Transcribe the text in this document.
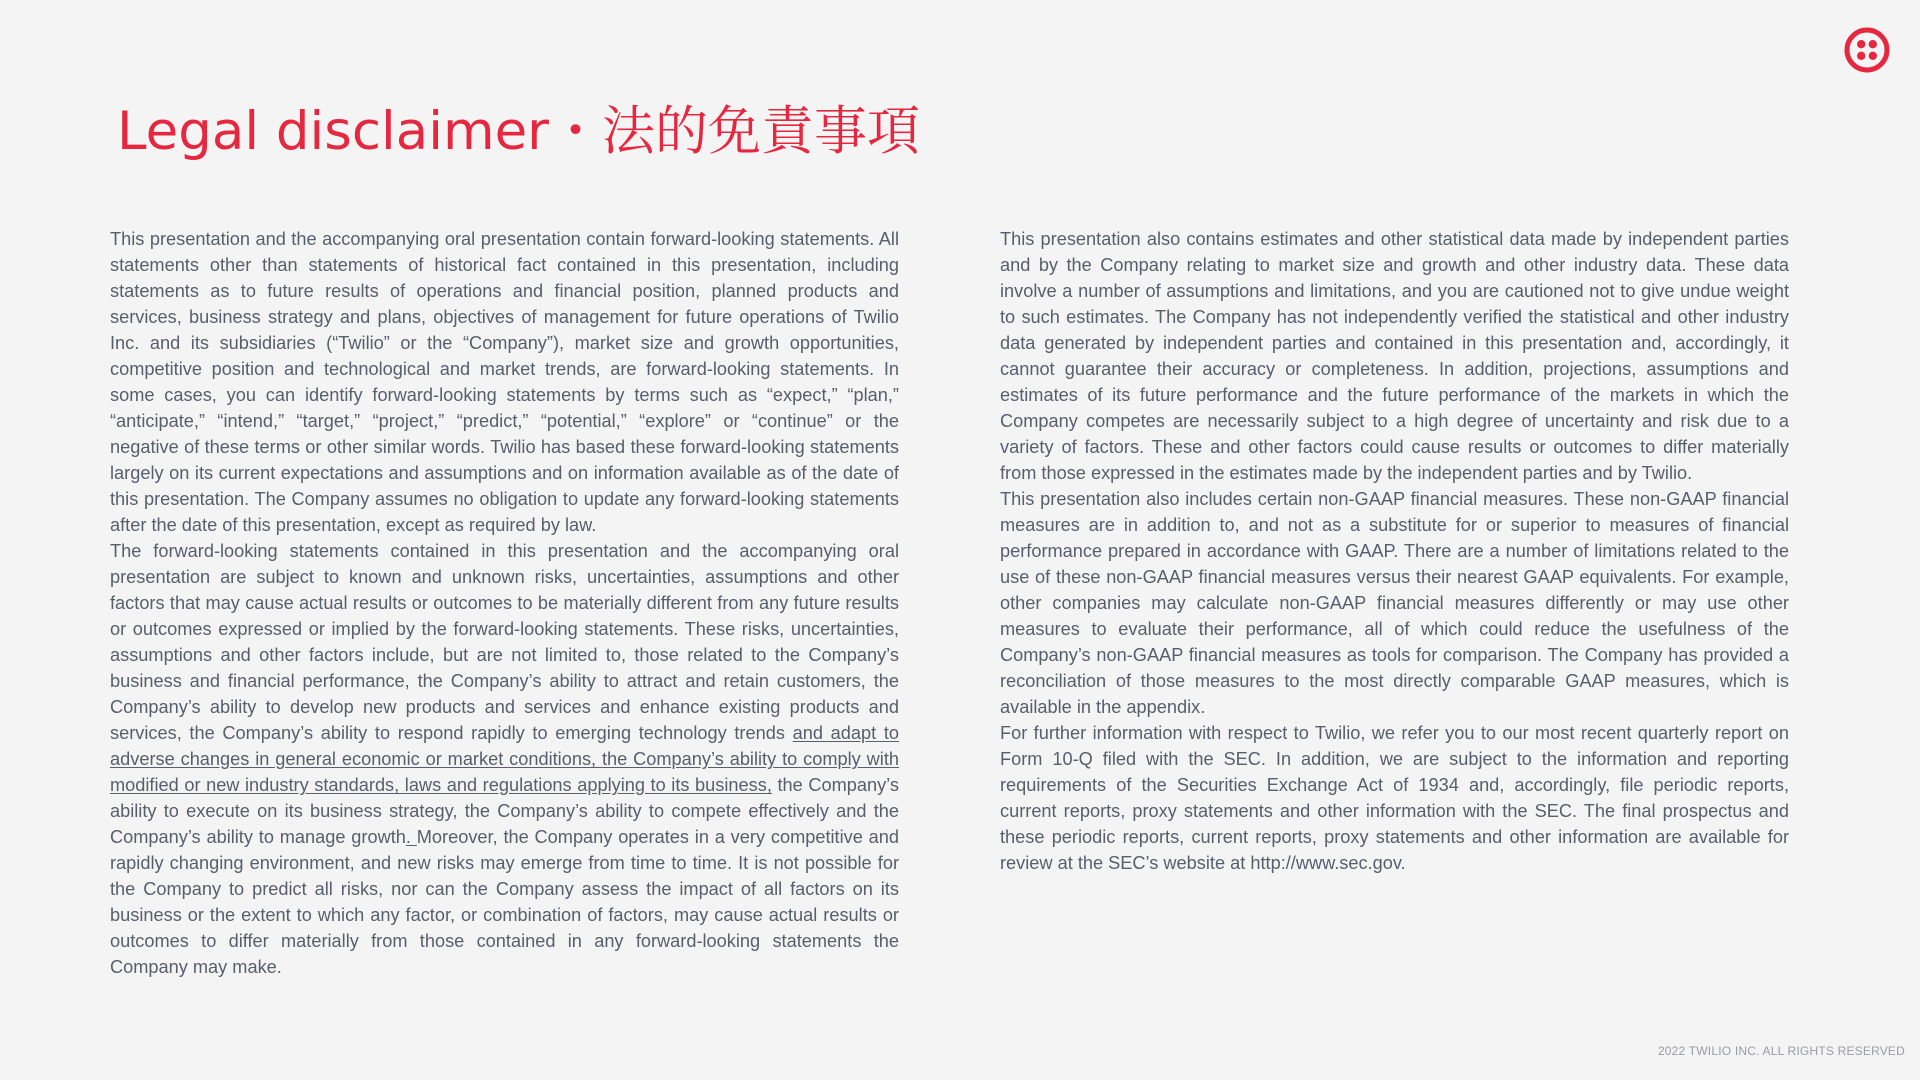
Legal disclaimer・法的免責事項

This presentation and the accompanying oral presentation contain forward-looking statements. All statements other than statements of historical fact contained in this presentation, including statements as to future results of operations and financial position, planned products and services, business strategy and plans, objectives of management for future operations of Twilio Inc. and its subsidiaries (“Twilio” or the “Company”), market size and growth opportunities, competitive position and technological and market trends, are forward-looking statements. In some cases, you can identify forward-looking statements by terms such as “expect,” “plan,” “anticipate,” “intend,” “target,” “project,” “predict,” “potential,” “explore” or “continue” or the negative of these terms or other similar words. Twilio has based these forward-looking statements largely on its current expectations and assumptions and on information available as of the date of this presentation. The Company assumes no obligation to update any forward-looking statements after the date of this presentation, except as required by law.

The forward-looking statements contained in this presentation and the accompanying oral presentation are subject to known and unknown risks, uncertainties, assumptions and other factors that may cause actual results or outcomes to be materially different from any future results or outcomes expressed or implied by the forward-looking statements. These risks, uncertainties, assumptions and other factors include, but are not limited to, those related to the Company’s business and financial performance, the Company’s ability to attract and retain customers, the Company’s ability to develop new products and services and enhance existing products and services, the Company’s ability to respond rapidly to emerging technology trends and adapt to adverse changes in general economic or market conditions, the Company’s ability to comply with modified or new industry standards, laws and regulations applying to its business, the Company’s ability to execute on its business strategy, the Company’s ability to compete effectively and the Company’s ability to manage growth. Moreover, the Company operates in a very competitive and rapidly changing environment, and new risks may emerge from time to time. It is not possible for the Company to predict all risks, nor can the Company assess the impact of all factors on its business or the extent to which any factor, or combination of factors, may cause actual results or outcomes to differ materially from those contained in any forward-looking statements the Company may make.

This presentation also contains estimates and other statistical data made by independent parties and by the Company relating to market size and growth and other industry data. These data involve a number of assumptions and limitations, and you are cautioned not to give undue weight to such estimates. The Company has not independently verified the statistical and other industry data generated by independent parties and contained in this presentation and, accordingly, it cannot guarantee their accuracy or completeness. In addition, projections, assumptions and estimates of its future performance and the future performance of the markets in which the Company competes are necessarily subject to a high degree of uncertainty and risk due to a variety of factors. These and other factors could cause results or outcomes to differ materially from those expressed in the estimates made by the independent parties and by Twilio.

This presentation also includes certain non-GAAP financial measures. These non-GAAP financial measures are in addition to, and not as a substitute for or superior to measures of financial performance prepared in accordance with GAAP. There are a number of limitations related to the use of these non-GAAP financial measures versus their nearest GAAP equivalents. For example, other companies may calculate non-GAAP financial measures differently or may use other measures to evaluate their performance, all of which could reduce the usefulness of the Company’s non-GAAP financial measures as tools for comparison. The Company has provided a reconciliation of those measures to the most directly comparable GAAP measures, which is available in the appendix.

For further information with respect to Twilio, we refer you to our most recent quarterly report on Form 10-Q filed with the SEC. In addition, we are subject to the information and reporting requirements of the Securities Exchange Act of 1934 and, accordingly, file periodic reports, current reports, proxy statements and other information with the SEC. The final prospectus and these periodic reports, current reports, proxy statements and other information are available for review at the SEC’s website at http://www.sec.gov.

2022 TWILIO INC. ALL RIGHTS RESERVED
